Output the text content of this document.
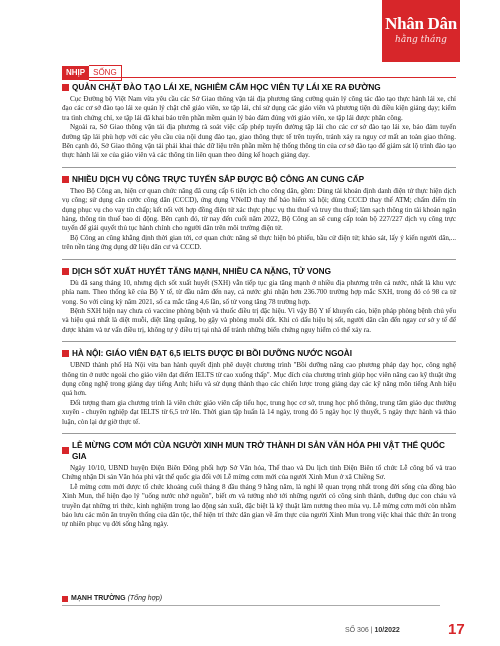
Nhân Dân
hằng tháng
NHỊP	SỐNG
QUẢN CHẶT ĐÀO TẠO LÁI XE, NGHIÊM CẤM HỌC VIÊN TỰ LÁI XE RA ĐƯỜNG

Cục Đường bộ Việt Nam vừa yêu cầu các Sở Giao thông vận tải địa phương tăng cường quản lý công tác đào tạo thực hành lái xe, chỉ đạo các cơ sở đào tạo lái xe quản lý chặt chẽ giáo viên, xe tập lái, chỉ sử dụng các giáo viên và phương tiện đủ điều kiện giảng dạy; kiểm tra tình chứng chỉ, xe tập lái đã khai báo trên phần mềm quản lý bảo đảm đúng với giáo viên, xe tập lái được phân công.

Ngoài ra, Sở Giao thông vận tải địa phương rà soát việc cấp phép tuyến đường tập lái cho các cơ sở đào tạo lái xe, bảo đảm tuyến đường tập lái phù hợp với các yêu cầu của nội dung đào tạo, giao thông thực tế trên tuyến, tránh xảy ra nguy cơ mất an toàn giao thông. Bên cạnh đó, Sở Giao thông vận tải phải khai thác dữ liệu trên phần mềm hệ thống thông tin của cơ sở đào tạo để giám sát lộ trình đào tạo thực hành lái xe của giáo viên và các thông tin liên quan theo đúng kế hoạch giảng dạy.

NHIỀU DỊCH VỤ CÔNG TRỰC TUYẾN SẮP ĐƯỢC BỘ CÔNG AN CUNG CẤP

Theo Bộ Công an, hiện cơ quan chức năng đã cung cấp 6 tiện ích cho công dân, gồm: Dùng tài khoản định danh điện tử thực hiện dịch vụ công; sử dụng căn cước công dân (CCCD), ứng dụng VNeID thay thế bảo hiểm xã hội; dùng CCCD thay thế ATM; chấm điểm tín dụng phục vụ cho vay tín chấp; kết nối với hợp đồng điện tử xác thực phục vụ thu thuế và truy thu thuế; làm sạch thông tin tài khoản ngân hàng, thông tin thuế bao di động. Bên cạnh đó, từ nay đến cuối năm 2022, Bộ Công an sẽ cung cấp toàn bộ 227/227 dịch vụ công trực tuyến để giải quyết thủ tục hành chính cho người dân trên môi trường điện tử.

Bộ Công an cũng khẳng định thời gian tới, cơ quan chức năng sẽ thực hiện bỏ phiếu, bầu cử điện tử; khảo sát, lấy ý kiến người dân,... trên nền tảng ứng dụng dữ liệu dân cư và CCCD.

DỊCH SỐT XUẤT HUYẾT TĂNG MẠNH, NHIỀU CA NẶNG, TỬ VONG

Dù đã sang tháng 10, nhưng dịch sốt xuất huyết (SXH) vẫn tiếp tục gia tăng mạnh ở nhiều địa phương trên cả nước, nhất là khu vực phía nam. Theo thống kê của Bộ Y tế, từ đầu năm đến nay, cả nước ghi nhận hơn 236.700 trường hợp mắc SXH, trong đó có 98 ca tử vong. So với cùng kỳ năm 2021, số ca mắc tăng 4,6 lần, số tử vong tăng 78 trường hợp.

Bệnh SXH hiện nay chưa có vaccine phòng bệnh và thuốc điều trị đặc hiệu. Vì vậy Bộ Y tế khuyến cáo, biện pháp phòng bệnh chủ yếu và hiệu quả nhất là diệt muỗi, diệt lăng quăng, bọ gậy và phòng muỗi đốt. Khi có dấu hiệu bị sốt, người dân cần đến ngay cơ sở y tế để được khám và tư vấn điều trị, không tự ý điều trị tại nhà để tránh những biến chứng nguy hiểm có thể xảy ra.

HÀ NỘI: GIÁO VIÊN ĐẠT 6,5 IELTS ĐƯỢC ĐI BỒI DƯỠNG NƯỚC NGOÀI

UBND thành phố Hà Nội vừa ban hành quyết định phê duyệt chương trình "Bồi dưỡng nâng cao phương pháp dạy học, công nghệ thông tin ở nước ngoài cho giáo viên đạt điểm IELTS từ cao xuống thấp". Mục đích của chương trình giúp học viên nâng cao kỹ thuật ứng dụng công nghệ trong giảng dạy tiếng Anh; hiểu và sử dụng thành thạo các chiến lược trong giảng dạy các kỹ năng môn tiếng Anh hiệu quả hơn.

Đối tượng tham gia chương trình là viên chức giáo viên cấp tiểu học, trung học cơ sở, trung học phổ thông, trung tâm giáo dục thường xuyên - chuyên nghiệp đạt IELTS từ 6,5 trở lên. Thời gian tập huấn là 14 ngày, trong đó 5 ngày học lý thuyết, 5 ngày thực hành và thảo luận, còn lại dự giờ thực tế.

LỄ MỪNG CƠM MỚI CỦA NGƯỜI XINH MUN TRỞ THÀNH DI SẢN VĂN HÓA PHI VẬT THỂ QUỐC GIA

Ngày 10/10, UBND huyện Điện Biên Đông phối hợp Sở Văn hóa, Thể thao và Du lịch tỉnh Điện Biên tổ chức Lễ công bố và trao Chứng nhận Di sản Văn hóa phi vật thể quốc gia đối với Lễ mừng cơm mới của người Xinh Mun ở xã Chiềng Sơ.

Lễ mừng cơm mới được tổ chức khoảng cuối tháng 8 đầu tháng 9 hằng năm, là nghi lễ quan trọng nhất trong đời sống của đồng bào Xinh Mun, thể hiện đạo lý "uống nước nhớ nguồn", biết ơn và tưởng nhớ tới những người có công sinh thành, dưỡng dục con cháu và truyền đạt những tri thức, kinh nghiệm trong lao động sản xuất, đặc biệt là kỹ thuật làm nương theo mùa vụ. Lễ mừng cơm mới còn nhằm bảo lưu các môn ăn truyền thống của dân tộc, thể hiện trí thức dân gian về ẩm thực của người Xinh Mun trong việc khai thác thức ăn trong tự nhiên phục vụ đời sống hằng ngày.

MẠNH TRƯỜNG (Tổng hợp)
SỐ 306 | 10/2022	17
